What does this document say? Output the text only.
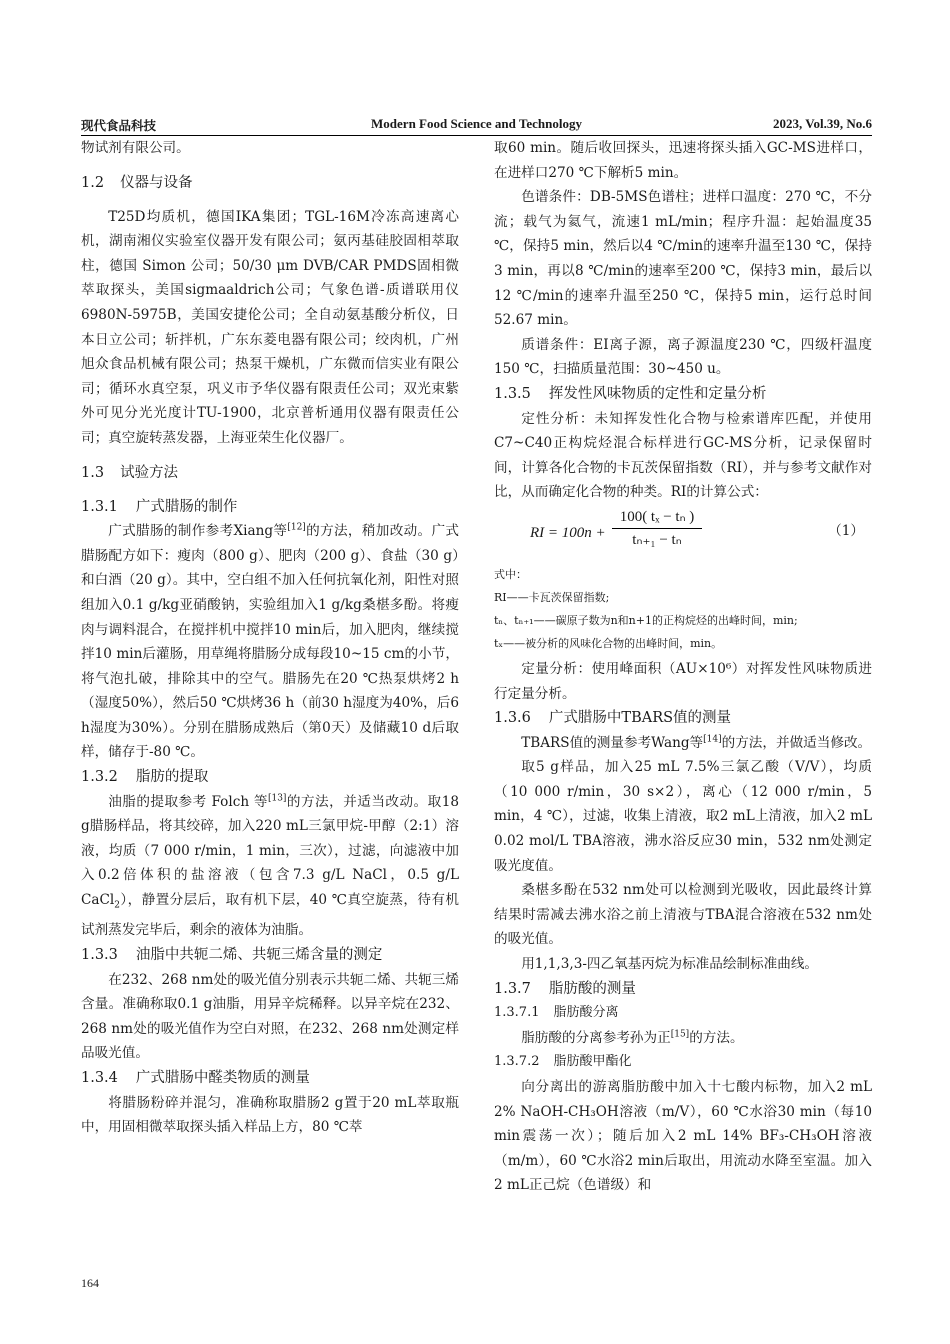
现代食品科技	Modern Food Science and Technology	2023, Vol.39, No.6

物试剂有限公司。

1.2 仪器与设备

T25D均质机，德国IKA集团；TGL-16M冷冻高速离心机，湖南湘仪实验室仪器开发有限公司；氨丙基硅胶固相萃取柱，德国 Simon 公司；50/30 μm DVB/CAR PMDS固相微萃取探头，美国sigmaaldrich公司；气象色谱-质谱联用仪6980N-5975B，美国安捷伦公司；全自动氨基酸分析仪，日本日立公司；斩拌机，广东东菱电器有限公司；绞肉机，广州旭众食品机械有限公司；热泵干燥机，广东微而信实业有限公司；循环水真空泵，巩义市予华仪器有限责任公司；双光束紫外可见分光光度计TU-1900，北京普析通用仪器有限责任公司；真空旋转蒸发器，上海亚荣生化仪器厂。

1.3 试验方法
1.3.1 广式腊肠的制作

广式腊肠的制作参考Xiang等[12]的方法，稍加改动。广式腊肠配方如下：瘦肉（800 g）、肥肉（200 g）、食盐（30 g）和白酒（20 g）。其中，空白组不加入任何抗氧化剂，阳性对照组加入0.1 g/kg亚硝酸钠，实验组加入1 g/kg桑椹多酚。将瘦肉与调料混合，在搅拌机中搅拌10 min后，加入肥肉，继续搅拌10 min后灌肠，用草绳将腊肠分成每段10~15 cm的小节，将气泡扎破，排除其中的空气。腊肠先在20 ℃热泵烘烤2 h（湿度50%），然后50 ℃烘烤36 h（前30 h湿度为40%，后6 h湿度为30%）。分别在腊肠成熟后（第0天）及储藏10 d后取样，储存于-80 ℃。

1.3.2 脂肪的提取

油脂的提取参考 Folch 等[13]的方法，并适当改动。取18 g腊肠样品，将其绞碎，加入220 mL三氯甲烷-甲醇（2:1）溶液，均质（7 000 r/min，1 min，三次），过滤，向滤液中加入0.2倍体积的盐溶液（包含7.3 g/L NaCl，0.5 g/L CaCl$_2$），静置分层后，取有机下层，40 ℃真空旋蒸，待有机试剂蒸发完毕后，剩余的液体为油脂。

1.3.3 油脂中共轭二烯、共轭三烯含量的测定

在232、268 nm处的吸光值分别表示共轭二烯、共轭三烯含量。准确称取0.1 g油脂，用异辛烷稀释。以异辛烷在232、268 nm处的吸光值作为空白对照，在232、268 nm处测定样品吸光值。

1.3.4 广式腊肠中醛类物质的测量

将腊肠粉碎并混匀，准确称取腊肠2 g置于20 mL萃取瓶中，用固相微萃取探头插入样品上方，80 ℃萃

取60 min。随后收回探头，迅速将探头插入GC-MS进样口，在进样口270 ℃下解析5 min。

色谱条件：DB-5MS色谱柱；进样口温度：270 ℃，不分流；载气为氦气，流速1 mL/min；程序升温：起始温度35 ℃，保持5 min，然后以4 ℃/min的速率升温至130 ℃，保持3 min，再以8 ℃/min的速率至200 ℃，保持3 min，最后以12 ℃/min的速率升温至250 ℃，保持5 min，运行总时间52.67 min。

质谱条件：EI离子源，离子源温度230 ℃，四级杆温度150 ℃，扫描质量范围：30~450 u。

1.3.5 挥发性风味物质的定性和定量分析

定性分析：未知挥发性化合物与检索谱库匹配，并使用C7~C40正构烷烃混合标样进行GC-MS分析，记录保留时间，计算各化合物的卡瓦茨保留指数（RI），并与参考文献作对比，从而确定化合物的种类。RI的计算公式：

RI = $100n + \frac{\text{100( tₓ − tₙ )}}{\text{tₙ₊₁ − tₙ}}$	（1）
式中：
RI——卡瓦茨保留指数;
tₙ、tₙ₊₁——碳原子数为n和n+1的正构烷烃的出峰时间，min;
tₓ——被分析的风味化合物的出峰时间，min。

定量分析：使用峰面积（AU×10⁶）对挥发性风味物质进行定量分析。

1.3.6 广式腊肠中TBARS值的测量

TBARS值的测量参考Wang等[14]的方法，并做适当修改。

取5 g样品，加入25 mL 7.5%三氯乙酸（V/V），均质（10 000 r/min，30 s×2），离心（12 000 r/min，5 min，4 ℃），过滤，收集上清液，取2 mL上清液，加入2 mL 0.02 mol/L TBA溶液，沸水浴反应30 min，532 nm处测定吸光度值。

桑椹多酚在532 nm处可以检测到光吸收，因此最终计算结果时需减去沸水浴之前上清液与TBA混合溶液在532 nm处的吸光值。

用1,1,3,3-四乙氧基丙烷为标准品绘制标准曲线。

1.3.7 脂肪酸的测量
1.3.7.1 脂肪酸分离

脂肪酸的分离参考孙为正[15]的方法。

1.3.7.2 脂肪酸甲酯化

向分离出的游离脂肪酸中加入十七酸内标物，加入2 mL 2% NaOH-CH₃OH溶液（m/V），60 ℃水浴30 min（每10 min震荡一次）；随后加入2 mL 14% BF₃-CH₃OH溶液（m/m），60 ℃水浴2 min后取出，用流动水降至室温。加入2 mL正己烷（色谱级）和

164
